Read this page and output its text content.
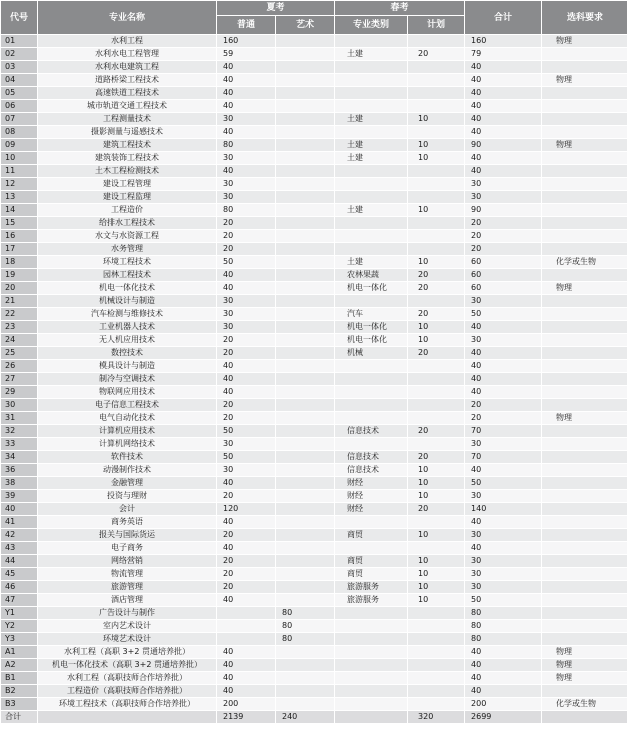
代号	专业名称	夏考		春考		合计	选科要求
		普通	艺术	专业类别	计划		
01	水利工程	160				160	物理
02	水利水电工程管理	59		土建	20	79	
03	水利水电建筑工程	40				40	
04	道路桥梁工程技术	40				40	物理
05	高速铁道工程技术	40				40	
06	城市轨道交通工程技术	40				40	
07	工程测量技术	30		土建	10	40	
08	摄影测量与遥感技术	40				40	
09	建筑工程技术	80		土建	10	90	物理
10	建筑装饰工程技术	30		土建	10	40	
11	土木工程检测技术	40				40	
12	建设工程管理	30				30	
13	建设工程监理	30				30	
14	工程造价	80		土建	10	90	
15	给排水工程技术	20				20	
16	水文与水资源工程	20				20	
17	水务管理	20				20	
18	环境工程技术	50		土建	10	60	化学或生物
19	园林工程技术	40		农林果蔬	20	60	
20	机电一体化技术	40		机电一体化	20	60	物理
21	机械设计与制造	30				30	
22	汽车检测与维修技术	30		汽车	20	50	
23	工业机器人技术	30		机电一体化	10	40	
24	无人机应用技术	20		机电一体化	10	30	
25	数控技术	20		机械	20	40	
26	模具设计与制造	40				40	
27	制冷与空调技术	40				40	
29	物联网应用技术	40				40	
30	电子信息工程技术	20				20	
31	电气自动化技术	20				20	物理
32	计算机应用技术	50		信息技术	20	70	
33	计算机网络技术	30				30	
34	软件技术	50		信息技术	20	70	
36	动漫制作技术	30		信息技术	10	40	
38	金融管理	40		财经	10	50	
39	投资与理财	20		财经	10	30	
40	会计	120		财经	20	140	
41	商务英语	40				40	
42	报关与国际货运	20		商贸	10	30	
43	电子商务	40				40	
44	网络营销	20		商贸	10	30	
45	物流管理	20		商贸	10	30	
46	旅游管理	20		旅游服务	10	30	
47	酒店管理	40		旅游服务	10	50	
Y1	广告设计与制作		80			80	
Y2	室内艺术设计		80			80	
Y3	环境艺术设计		80			80	
A1	水利工程（高职 3+2 贯通培养批）	40				40	物理
A2	机电一体化技术（高职 3+2 贯通培养批）	40				40	物理
B1	水利工程（高职技师合作培养批）	40				40	物理
B2	工程造价（高职技师合作培养批）	40				40	
B3	环境工程技术（高职技师合作培养批）	200				200	化学或生物
合计		2139	240		320	2699	
